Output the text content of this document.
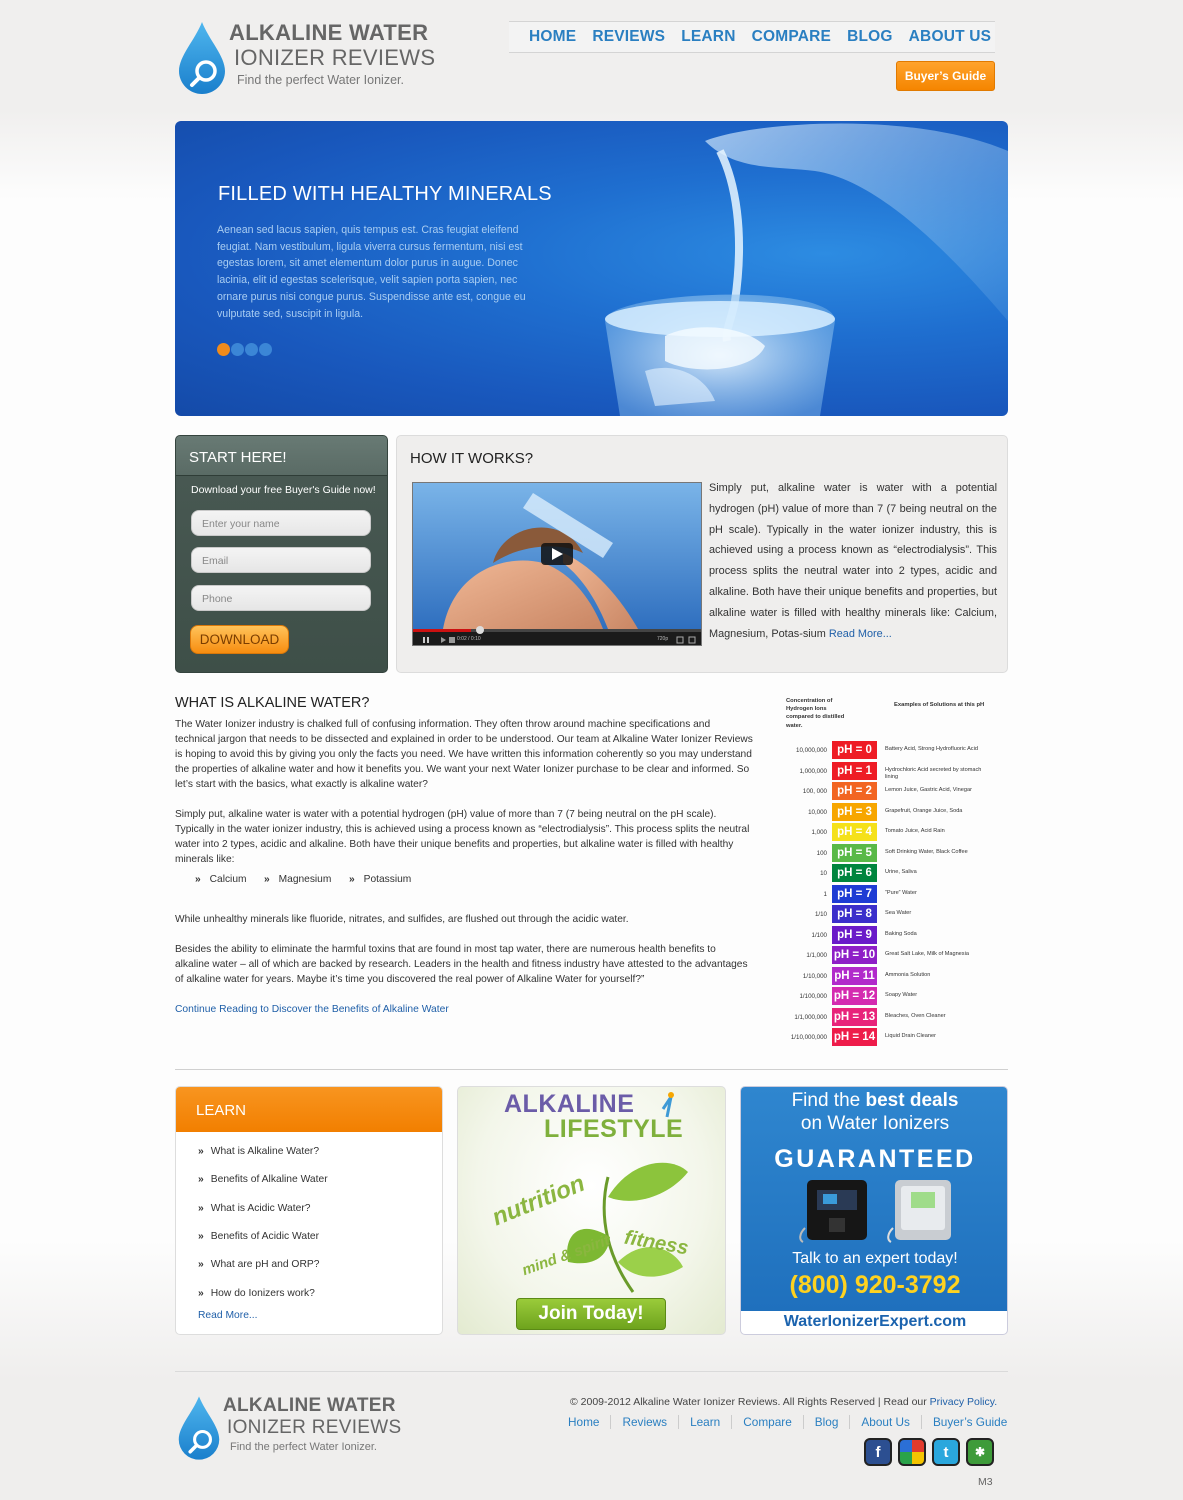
ALKALINE WATER
IONIZER REVIEWS
Find the perfect Water Ionizer.
HOME REVIEWS LEARN COMPARE BLOG ABOUT US
Buyer’s Guide
FILLED WITH HEALTHY MINERALS
Aenean sed lacus sapien, quis tempus est. Cras feugiat eleifend feugiat. Nam vestibulum, ligula viverra cursus fermentum, nisi est egestas lorem, sit amet elementum dolor purus in augue. Donec lacinia, elit id egestas scelerisque, velit sapien porta sapien, nec ornare purus nisi congue purus. Suspendisse ante est, congue eu vulputate sed, suscipit in ligula.
START HERE!
Download your free Buyer's Guide now!
Enter your name
Email
Phone
DOWNLOAD
HOW IT WORKS?
0:02 / 0:10	720p
Simply put, alkaline water is water with a potential hydrogen (pH) value of more than 7 (7 being neutral on the pH scale). Typically in the water ionizer industry, this is achieved using a process known as “electrodialysis”. This process splits the neutral water into 2 types, acidic and alkaline. Both have their unique benefits and properties, but alkaline water is filled with healthy minerals like: Calcium, Magnesium, Potas-sium Read More...
WHAT IS ALKALINE WATER?
The Water Ionizer industry is chalked full of confusing information. They often throw around machine specifications and technical jargon that needs to be dissected and explained in order to be understood. Our team at Alkaline Water Ionizer Reviews is hoping to avoid this by giving you only the facts you need. We have written this information coherently so you may understand the properties of alkaline water and how it benefits you. We want your next Water Ionizer purchase to be clear and informed. So let’s start with the basics, what exactly is alkaline water?
Simply put, alkaline water is water with a potential hydrogen (pH) value of more than 7 (7 being neutral on the pH scale). Typically in the water ionizer industry, this is achieved using a process known as “electrodialysis”. This process splits the neutral water into 2 types, acidic and alkaline. Both have their unique benefits and properties, but alkaline water is filled with healthy minerals like:
» Calcium	» Magnesium	» Potassium
While unhealthy minerals like fluoride, nitrates, and sulfides, are flushed out through the acidic water.
Besides the ability to eliminate the harmful toxins that are found in most tap water, there are numerous health benefits to alkaline water – all of which are backed by research. Leaders in the health and fitness industry have attested to the advantages of alkaline water for years. Maybe it’s time you discovered the real power of Alkaline Water for yourself?”
Continue Reading to Discover the Benefits of Alkaline Water
Concentration of Hydrogen Ions compared to distilled water.
Examples of Solutions at this pH
10,000,000 pH = 0	Battery Acid, Strong Hydrofluoric Acid
1,000,000 pH = 1	Hydrochloric Acid secreted by stomach lining
100, 000 pH = 2	Lemon Juice, Gastric Acid, Vinegar
10,000 pH = 3	Grapefruit, Orange Juice, Soda
1,000 pH = 4	Tomato Juice, Acid Rain
100 pH = 5	Soft Drinking Water, Black Coffee
10 pH = 6	Urine, Saliva
1 pH = 7	“Pure” Water
1/10 pH = 8	Sea Water
1/100 pH = 9	Baking Soda
1/1,000 pH = 10	Great Salt Lake, Milk of Magnesia
1/10,000 pH = 11	Ammonia Solution
1/100,000 pH = 12	Soapy Water
1/1,000,000 pH = 13	Bleaches, Oven Cleaner
1/10,000,000 pH = 14	Liquid Drain Cleaner
LEARN
» What is Alkaline Water?
» Benefits of Alkaline Water
» What is Acidic Water?
» Benefits of Acidic Water
» What are pH and ORP?
» How do Ionizers work?
Read More...
ALKALINE
LIFESTYLE
nutrition
fitness
mind & spirit
Join Today!
Find the best deals
on Water Ionizers
GUARANTEED
Talk to an expert today!
(800) 920-3792
WaterIonizerExpert.com
ALKALINE WATER
IONIZER REVIEWS
Find the perfect Water Ionizer.
© 2009-2012 Alkaline Water Ionizer Reviews. All Rights Reserved | Read our Privacy Policy.
Home	Reviews	Learn	Compare	Blog	About Us	Buyer’s Guide
f	t	✱
M3
